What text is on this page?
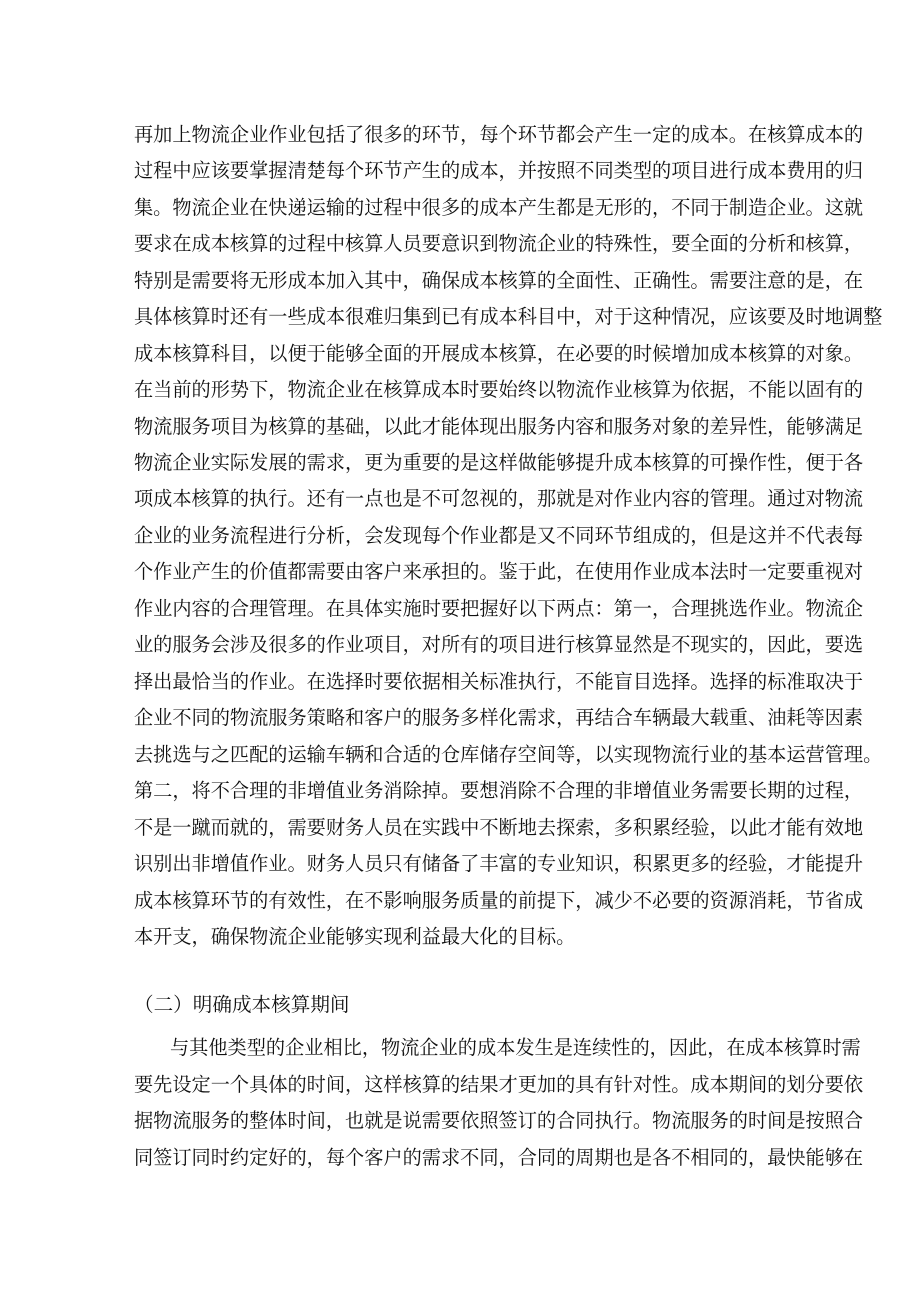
再加上物流企业作业包括了很多的环节，每个环节都会产生一定的成本。在核算成本的
过程中应该要掌握清楚每个环节产生的成本，并按照不同类型的项目进行成本费用的归
集。物流企业在快递运输的过程中很多的成本产生都是无形的，不同于制造企业。这就
要求在成本核算的过程中核算人员要意识到物流企业的特殊性，要全面的分析和核算，
特别是需要将无形成本加入其中，确保成本核算的全面性、正确性。需要注意的是，在
具体核算时还有一些成本很难归集到已有成本科目中，对于这种情况，应该要及时地调整
成本核算科目，以便于能够全面的开展成本核算，在必要的时候增加成本核算的对象。
在当前的形势下，物流企业在核算成本时要始终以物流作业核算为依据，不能以固有的
物流服务项目为核算的基础，以此才能体现出服务内容和服务对象的差异性，能够满足
物流企业实际发展的需求，更为重要的是这样做能够提升成本核算的可操作性，便于各
项成本核算的执行。还有一点也是不可忽视的，那就是对作业内容的管理。通过对物流
企业的业务流程进行分析，会发现每个作业都是又不同环节组成的，但是这并不代表每
个作业产生的价值都需要由客户来承担的。鉴于此，在使用作业成本法时一定要重视对
作业内容的合理管理。在具体实施时要把握好以下两点：第一，合理挑选作业。物流企
业的服务会涉及很多的作业项目，对所有的项目进行核算显然是不现实的，因此，要选
择出最恰当的作业。在选择时要依据相关标准执行，不能盲目选择。选择的标准取决于
企业不同的物流服务策略和客户的服务多样化需求，再结合车辆最大载重、油耗等因素
去挑选与之匹配的运输车辆和合适的仓库储存空间等，以实现物流行业的基本运营管理。
第二，将不合理的非增值业务消除掉。要想消除不合理的非增值业务需要长期的过程，
不是一蹴而就的，需要财务人员在实践中不断地去探索，多积累经验，以此才能有效地
识别出非增值作业。财务人员只有储备了丰富的专业知识，积累更多的经验，才能提升
成本核算环节的有效性，在不影响服务质量的前提下，减少不必要的资源消耗，节省成
本开支，确保物流企业能够实现利益最大化的目标。
（二）明确成本核算期间
与其他类型的企业相比，物流企业的成本发生是连续性的，因此，在成本核算时需
要先设定一个具体的时间，这样核算的结果才更加的具有针对性。成本期间的划分要依
据物流服务的整体时间，也就是说需要依照签订的合同执行。物流服务的时间是按照合
同签订同时约定好的，每个客户的需求不同，合同的周期也是各不相同的，最快能够在
